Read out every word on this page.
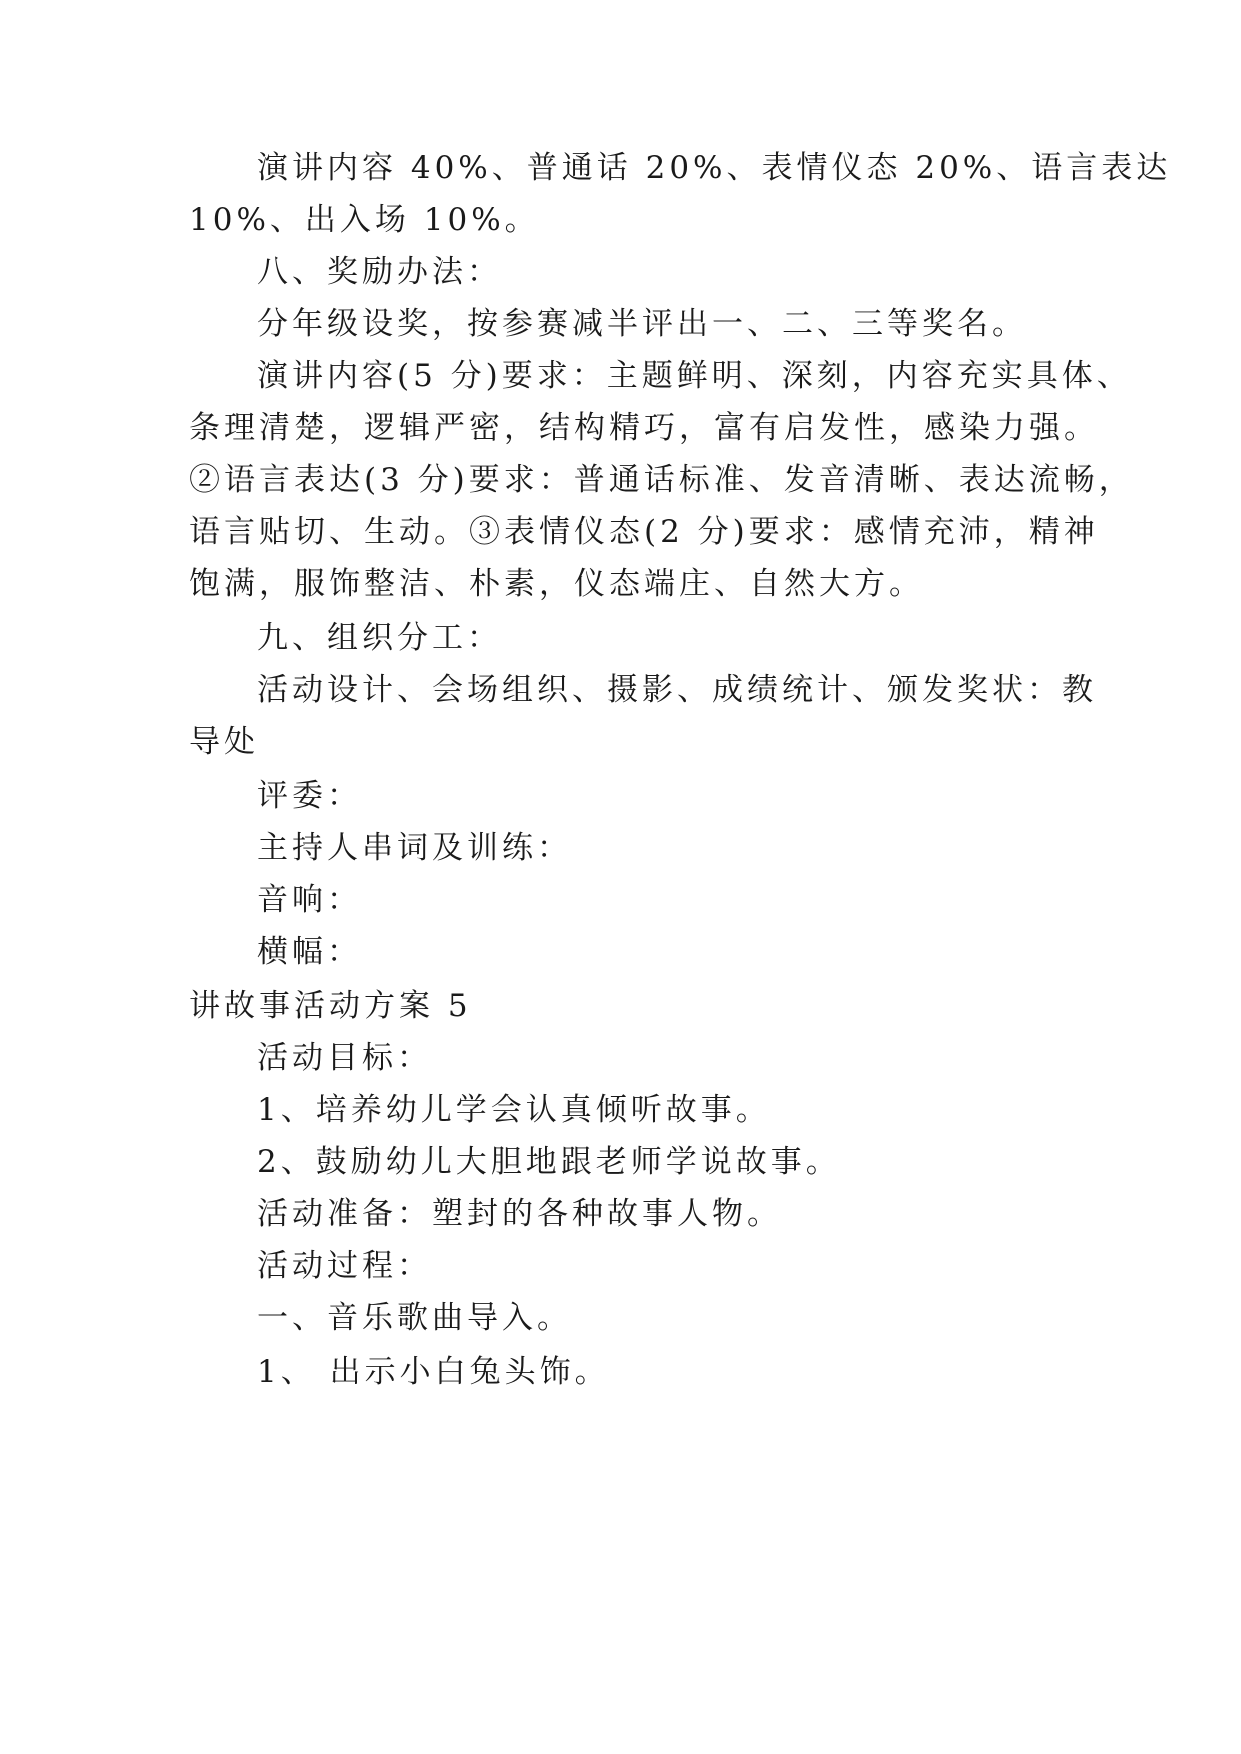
演讲内容 40%、普通话 20%、表情仪态 20%、语言表达
10%、出入场 10%。
八、奖励办法：
分年级设奖，按参赛减半评出一、二、三等奖名。
演讲内容(5 分)要求：主题鲜明、深刻，内容充实具体、
条理清楚，逻辑严密，结构精巧，富有启发性，感染力强。
②语言表达(3 分)要求：普通话标准、发音清晰、表达流畅，
语言贴切、生动。③表情仪态(2 分)要求：感情充沛，精神
饱满，服饰整洁、朴素，仪态端庄、自然大方。
九、组织分工：
活动设计、会场组织、摄影、成绩统计、颁发奖状：教
导处
评委：
主持人串词及训练：
音响：
横幅：
讲故事活动方案 5
活动目标：
1、培养幼儿学会认真倾听故事。
2、鼓励幼儿大胆地跟老师学说故事。
活动准备：塑封的各种故事人物。
活动过程：
一、音乐歌曲导入。
1、 出示小白兔头饰。
